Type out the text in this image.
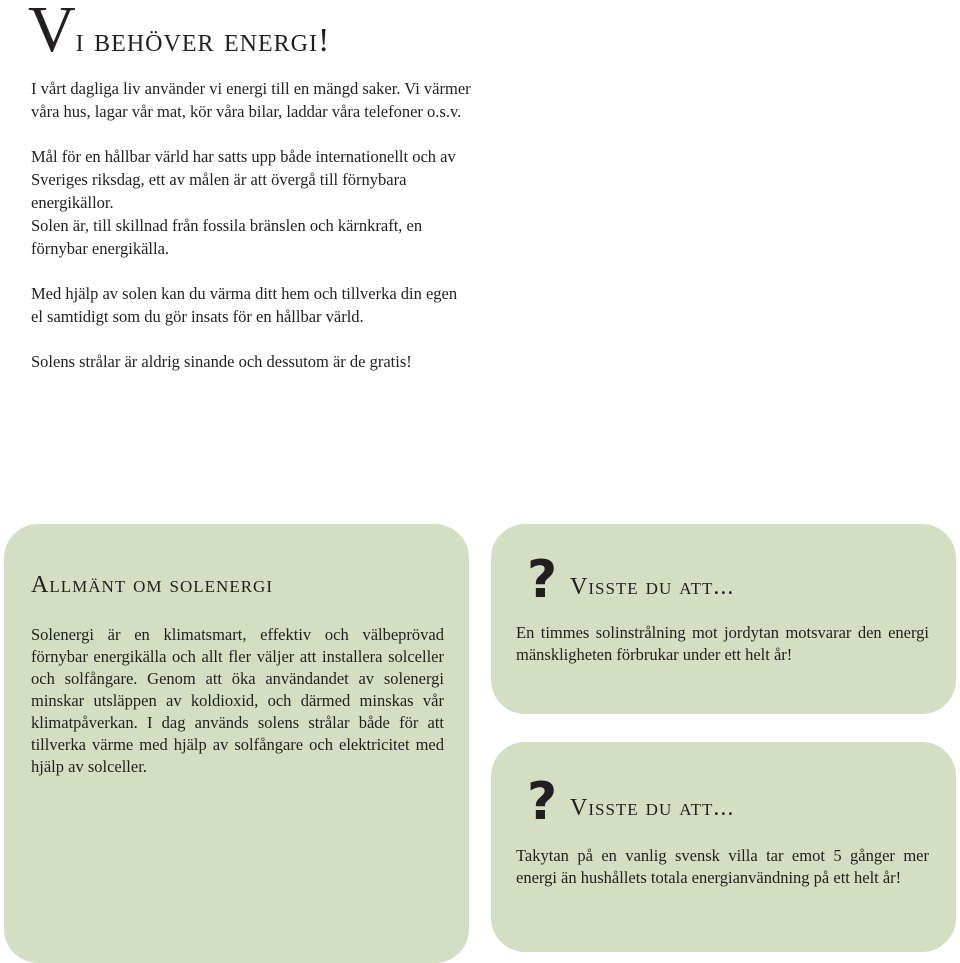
Vi behöver energi!

I vårt dagliga liv använder vi energi till en mängd saker. Vi värmer våra hus, lagar vår mat, kör våra bilar, laddar våra telefoner o.s.v.

Mål för en hållbar värld har satts upp både internationellt och av Sveriges riksdag, ett av målen är att övergå till förnybara energikällor.

Solen är, till skillnad från fossila bränslen och kärnkraft, en förnybar energikälla.

Med hjälp av solen kan du värma ditt hem och tillverka din egen el samtidigt som du gör insats för en hållbar värld.

Solens strålar är aldrig sinande och dessutom är de gratis!

Allmänt om solenergi
Solenergi är en klimatsmart, effektiv och välbeprövad förnybar energikälla och allt fler väljer att installera solceller och solfångare. Genom att öka användandet av solenergi minskar utsläppen av koldioxid, och därmed minskas vår klimatpåverkan. I dag används solens strålar både för att tillverka värme med hjälp av solfångare och elektricitet med hjälp av solceller.
? Visste du att...
En timmes solinstrålning mot jordytan motsvarar den energi mänskligheten förbrukar under ett helt år!
? Visste du att...
Takytan på en vanlig svensk villa tar emot 5 gånger mer energi än hushållets totala energianvändning på ett helt år!
